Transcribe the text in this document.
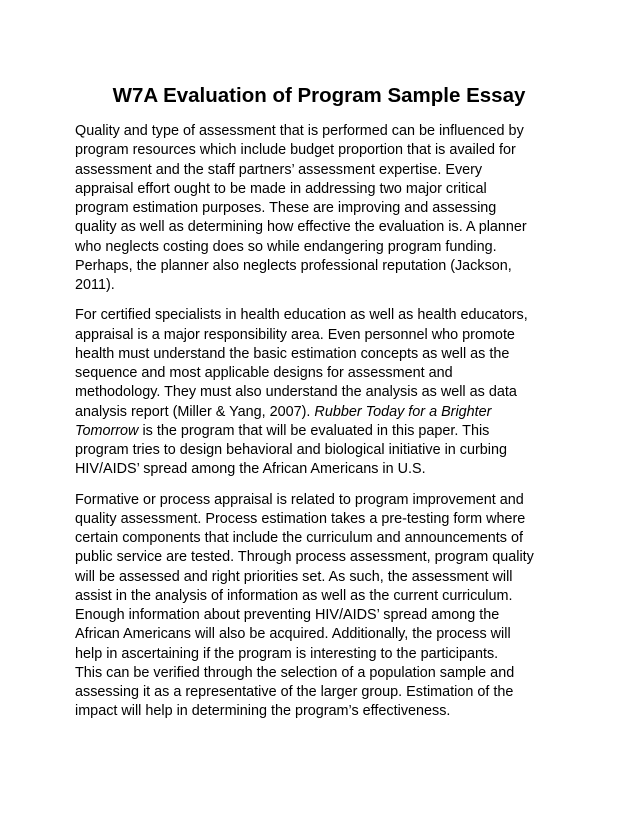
W7A Evaluation of Program Sample Essay

Quality and type of assessment that is performed can be influenced by
program resources which include budget proportion that is availed for
assessment and the staff partners’ assessment expertise. Every
appraisal effort ought to be made in addressing two major critical
program estimation purposes. These are improving and assessing
quality as well as determining how effective the evaluation is. A planner
who neglects costing does so while endangering program funding.
Perhaps, the planner also neglects professional reputation (Jackson,
2011).

For certified specialists in health education as well as health educators,
appraisal is a major responsibility area. Even personnel who promote
health must understand the basic estimation concepts as well as the
sequence and most applicable designs for assessment and
methodology. They must also understand the analysis as well as data
analysis report (Miller & Yang, 2007). Rubber Today for a Brighter
Tomorrow is the program that will be evaluated in this paper. This
program tries to design behavioral and biological initiative in curbing
HIV/AIDS’ spread among the African Americans in U.S.

Formative or process appraisal is related to program improvement and
quality assessment. Process estimation takes a pre-testing form where
certain components that include the curriculum and announcements of
public service are tested. Through process assessment, program quality
will be assessed and right priorities set. As such, the assessment will
assist in the analysis of information as well as the current curriculum.
Enough information about preventing HIV/AIDS’ spread among the
African Americans will also be acquired. Additionally, the process will
help in ascertaining if the program is interesting to the participants.
This can be verified through the selection of a population sample and
assessing it as a representative of the larger group. Estimation of the
impact will help in determining the program’s effectiveness.
